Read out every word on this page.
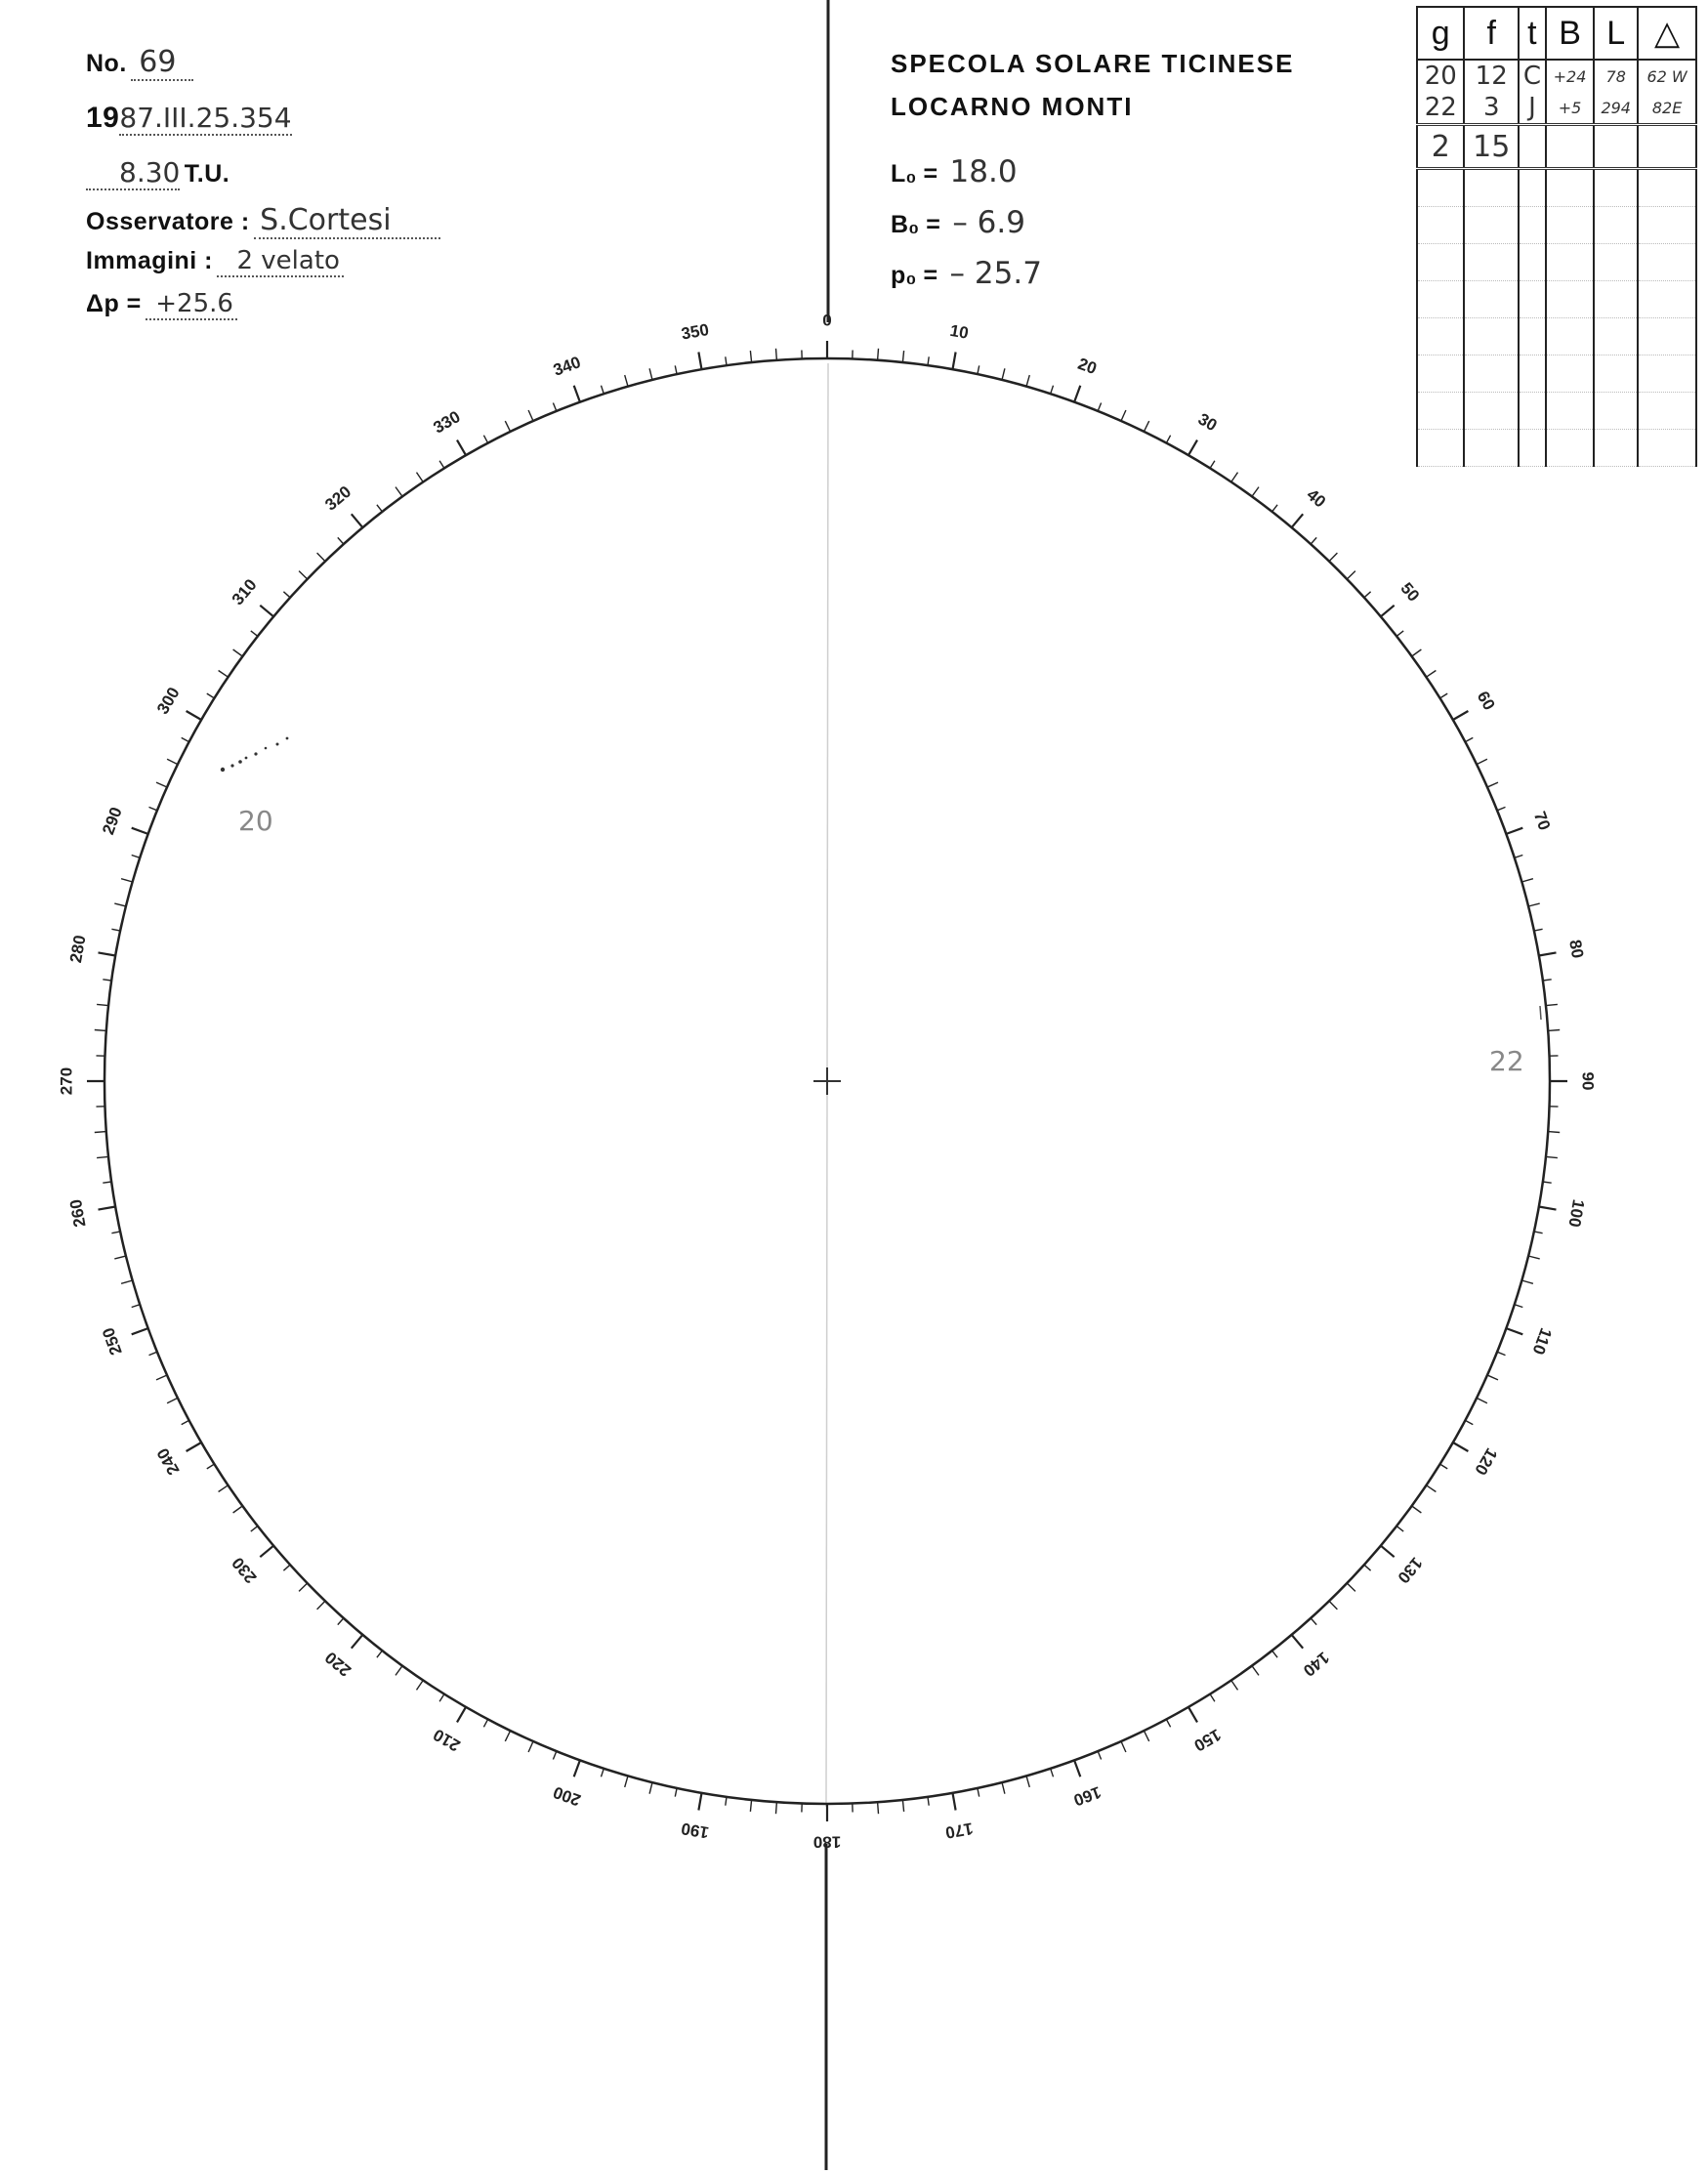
No. 69
1987.III.25.354
8.30 T.U.
Osservatore : S.Cortesi
Immagini : 2 velato
Δp = +25.6
SPECOLA SOLARE TICINESE
LOCARNO MONTI
L₀ = 18.0
B₀ = – 6.9
p₀ = – 25.7
g	f	t	B	L	△
20	12	C	+24	78	62 W
22	3	J	+5	294	82E
2	15				

0
10
20
30
40
50
60
70
80
90
100
110
120
130
140
150
160
170
180
190
200
210
220
230
240
250
260
270
280
290
300
310
320
330
340
350
20
22
